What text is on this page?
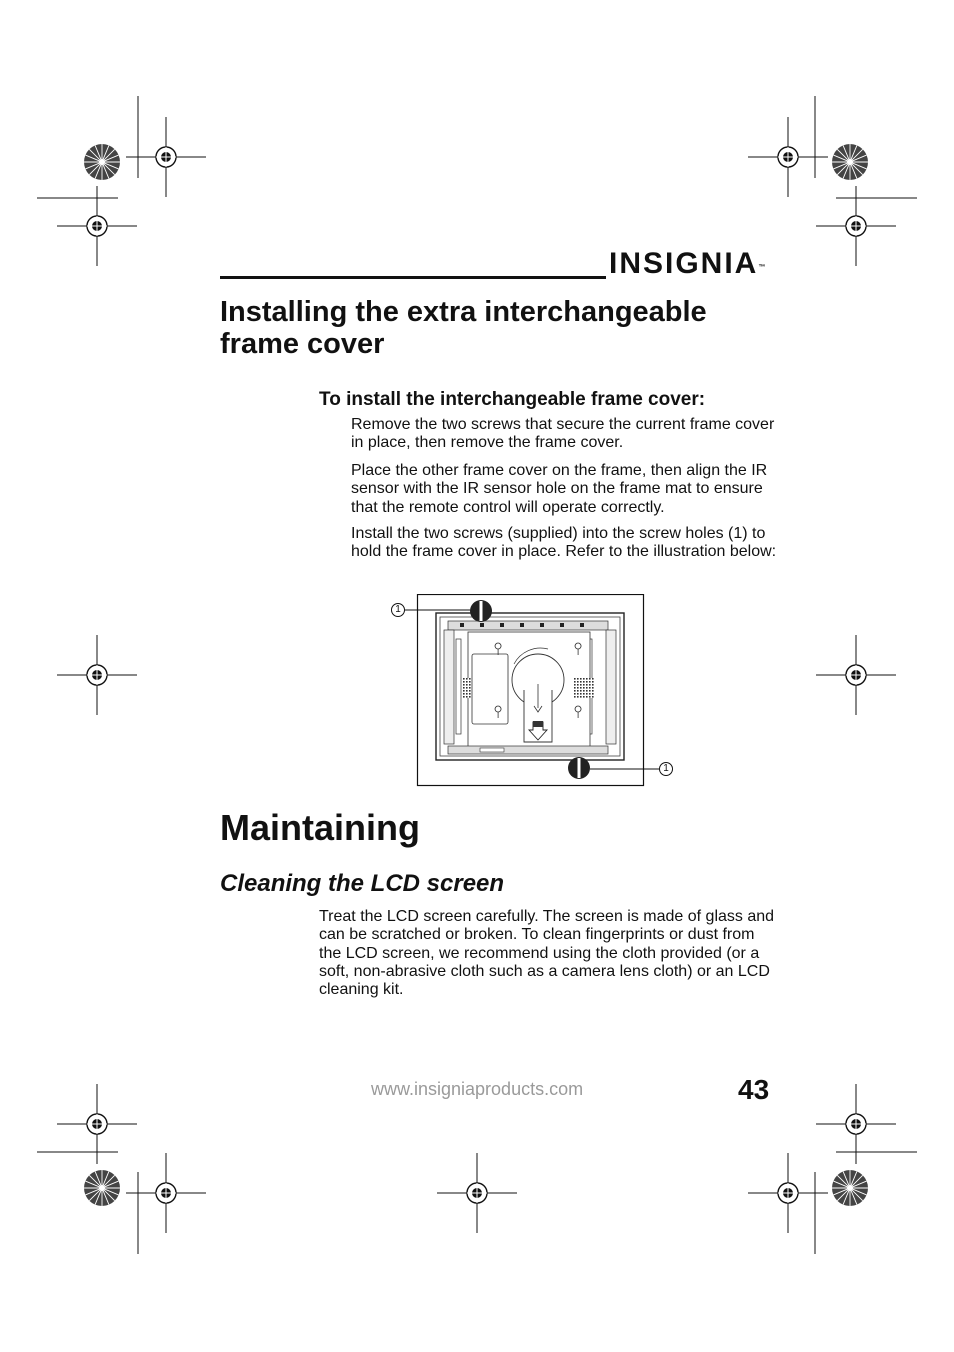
INSIGNIA™
Installing the extra interchangeable frame cover
To install the interchangeable frame cover:

Remove the two screws that secure the current frame cover in place, then remove the frame cover.

Place the other frame cover on the frame, then align the IR sensor with the IR sensor hole on the frame mat to ensure that the remote control will operate correctly.

Install the two screws (supplied) into the screw holes (1) to hold the frame cover in place. Refer to the illustration below:

1
1
Maintaining
Cleaning the LCD screen

Treat the LCD screen carefully. The screen is made of glass and can be scratched or broken. To clean fingerprints or dust from the LCD screen, we recommend using the cloth provided (or a soft, non-abrasive cloth such as a camera lens cloth) or an LCD cleaning kit.

www.insigniaproducts.com	43
